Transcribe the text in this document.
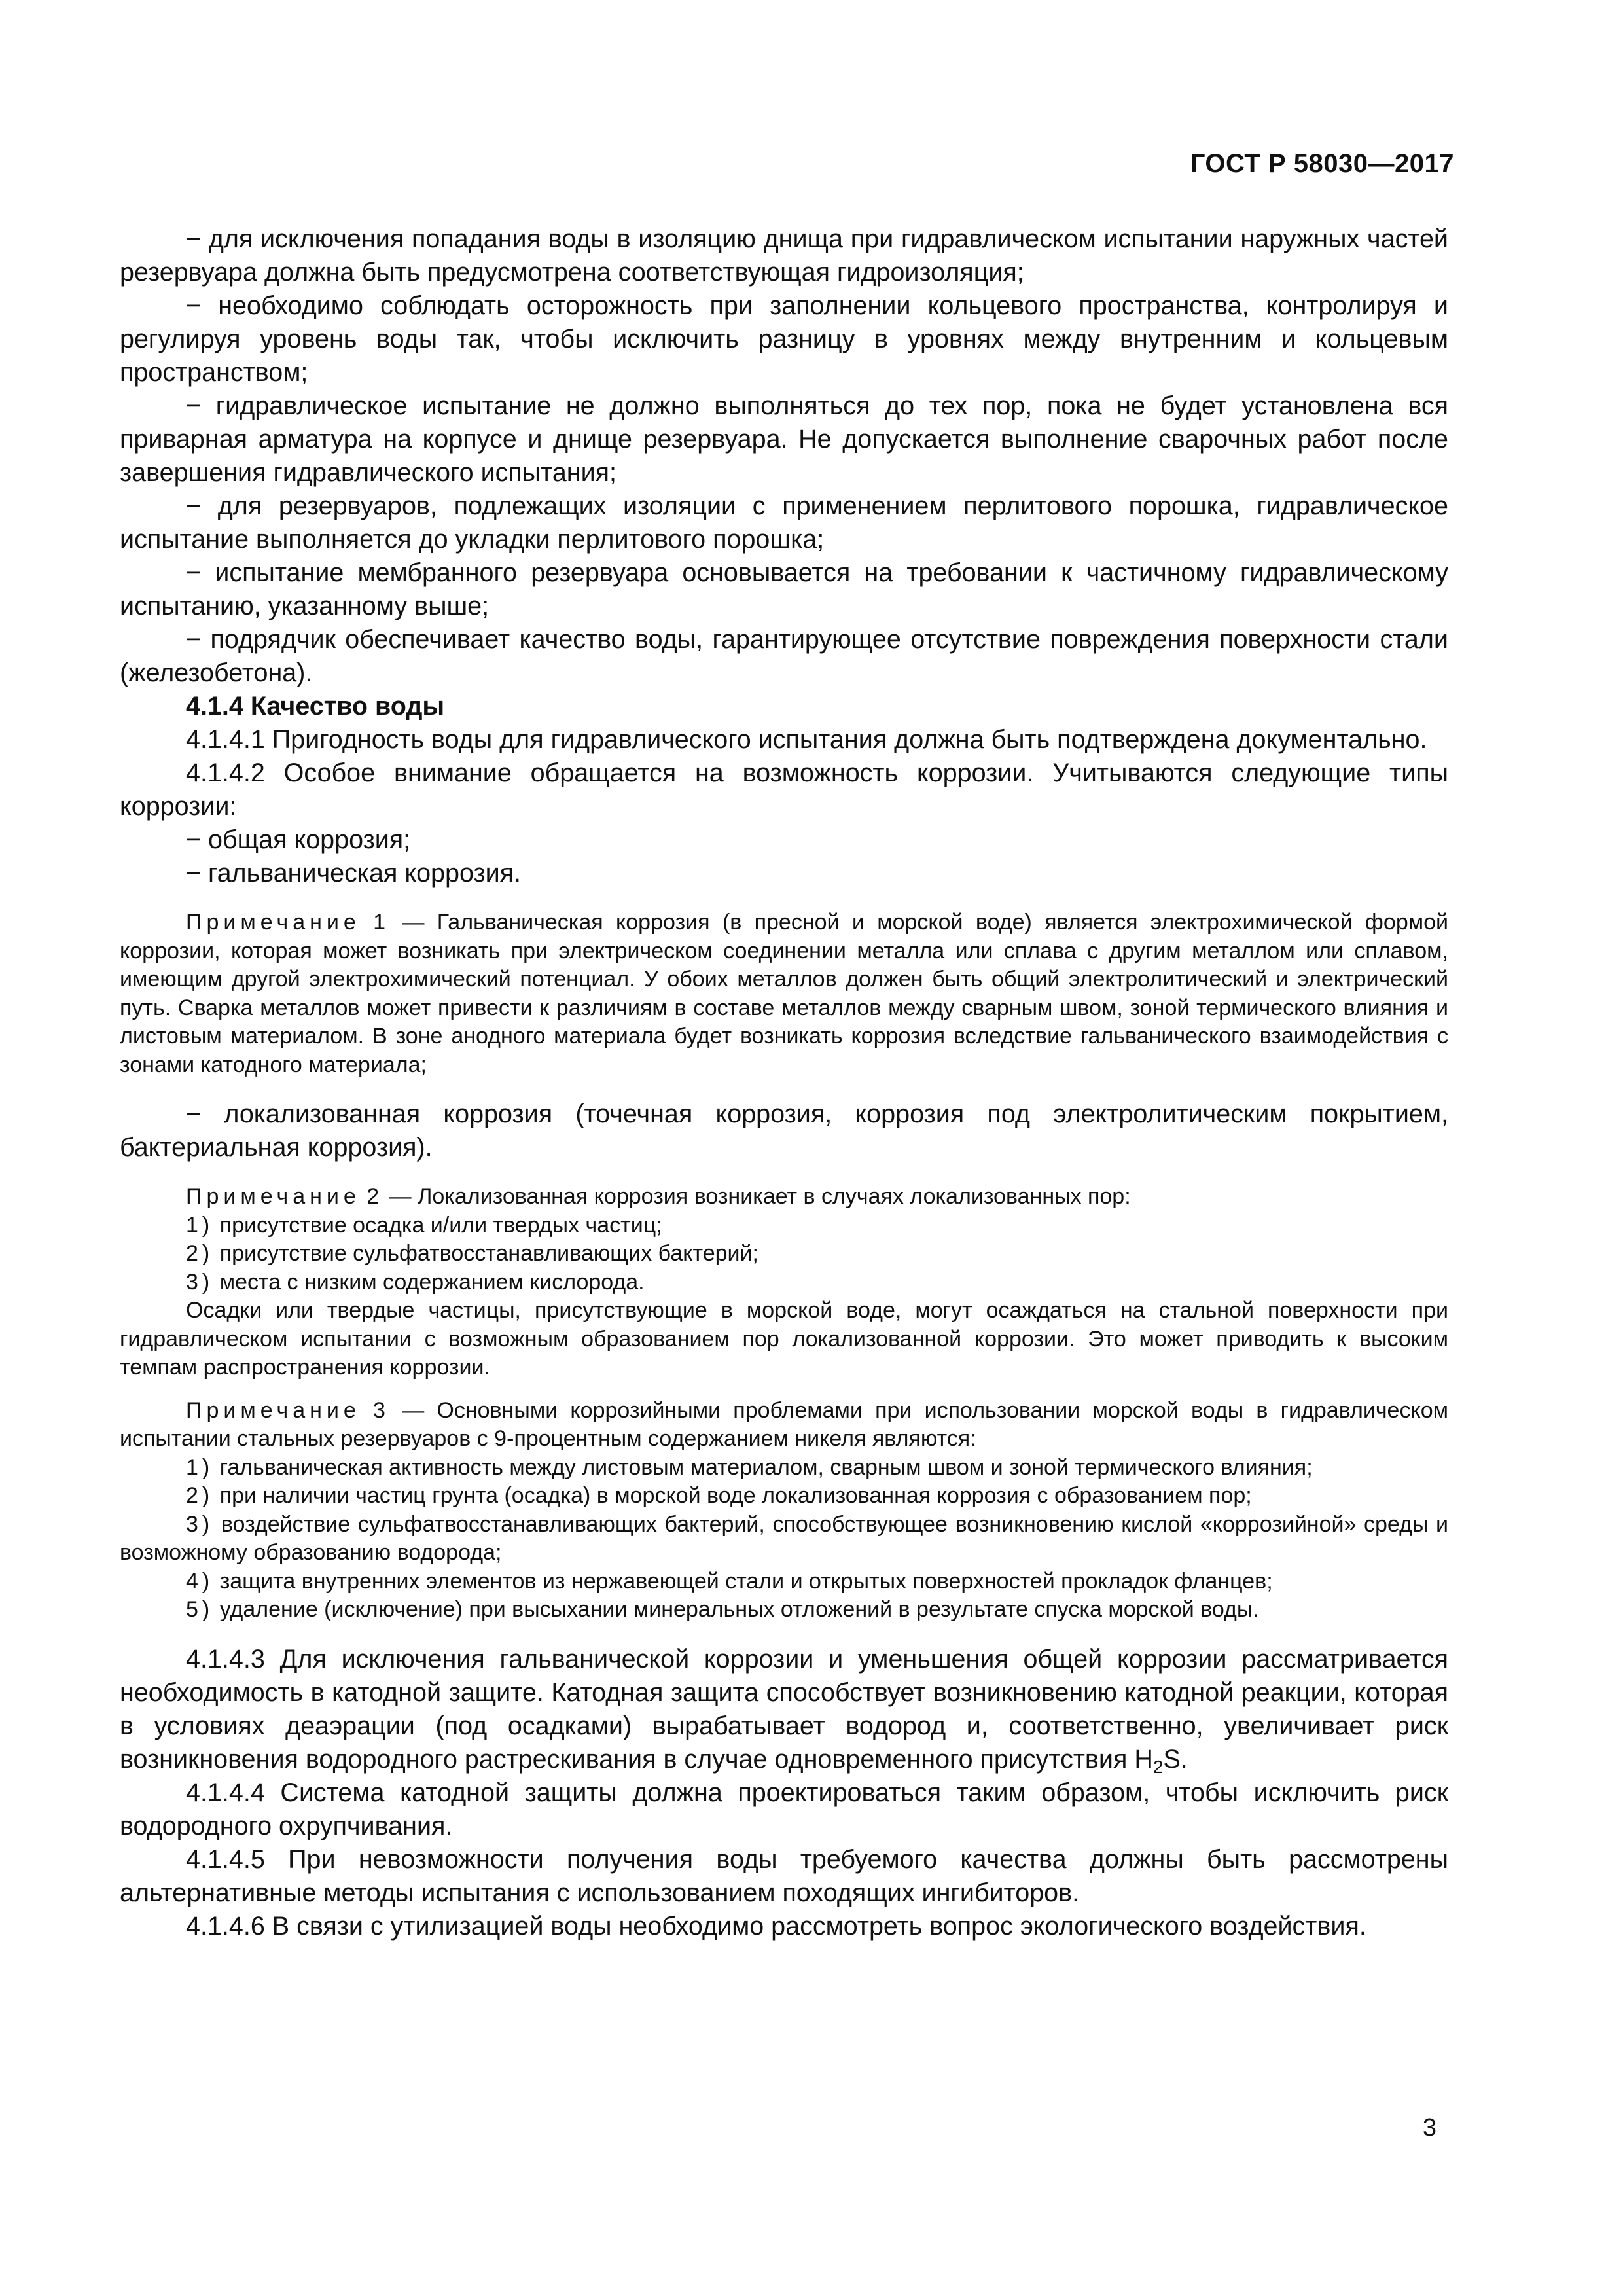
ГОСТ Р 58030—2017

− для исключения попадания воды в изоляцию днища при гидравлическом испытании наружных частей резервуара должна быть предусмотрена соответствующая гидроизоляция;

− необходимо соблюдать осторожность при заполнении кольцевого пространства, контролируя и регулируя уровень воды так, чтобы исключить разницу в уровнях между внутренним и кольцевым пространством;

− гидравлическое испытание не должно выполняться до тех пор, пока не будет установлена вся приварная арматура на корпусе и днище резервуара. Не допускается выполнение сварочных работ после завершения гидравлического испытания;

− для резервуаров, подлежащих изоляции с применением перлитового порошка, гидравлическое испытание выполняется до укладки перлитового порошка;

− испытание мембранного резервуара основывается на требовании к частичному гидравлическому испытанию, указанному выше;

− подрядчик обеспечивает качество воды, гарантирующее отсутствие повреждения поверхности стали (железобетона).

4.1.4 Качество воды

4.1.4.1 Пригодность воды для гидравлического испытания должна быть подтверждена документально.

4.1.4.2 Особое внимание обращается на возможность коррозии. Учитываются следующие типы коррозии:

− общая коррозия;

− гальваническая коррозия.

Примечание 1 — Гальваническая коррозия (в пресной и морской воде) является электрохимической формой коррозии, которая может возникать при электрическом соединении металла или сплава с другим металлом или сплавом, имеющим другой электрохимический потенциал. У обоих металлов должен быть общий электролитический и электрический путь. Сварка металлов может привести к различиям в составе металлов между сварным швом, зоной термического влияния и листовым материалом. В зоне анодного материала будет возникать коррозия вследствие гальванического взаимодействия с зонами катодного материала;

− локализованная коррозия (точечная коррозия, коррозия под электролитическим покрытием, бактериальная коррозия).

Примечание 2 — Локализованная коррозия возникает в случаях локализованных пор:

1) присутствие осадка и/или твердых частиц;

2) присутствие сульфатвосстанавливающих бактерий;

3) места с низким содержанием кислорода.

Осадки или твердые частицы, присутствующие в морской воде, могут осаждаться на стальной поверхности при гидравлическом испытании с возможным образованием пор локализованной коррозии. Это может приводить к высоким темпам распространения коррозии.

Примечание 3 — Основными коррозийными проблемами при использовании морской воды в гидравлическом испытании стальных резервуаров с 9-процентным содержанием никеля являются:

1) гальваническая активность между листовым материалом, сварным швом и зоной термического влияния;

2) при наличии частиц грунта (осадка) в морской воде локализованная коррозия с образованием пор;

3) воздействие сульфатвосстанавливающих бактерий, способствующее возникновению кислой «коррозийной» среды и возможному образованию водорода;

4) защита внутренних элементов из нержавеющей стали и открытых поверхностей прокладок фланцев;

5) удаление (исключение) при высыхании минеральных отложений в результате спуска морской воды.

4.1.4.3 Для исключения гальванической коррозии и уменьшения общей коррозии рассматривается необходимость в катодной защите. Катодная защита способствует возникновению катодной реакции, которая в условиях деаэрации (под осадками) вырабатывает водород и, соответственно, увеличивает риск возникновения водородного растрескивания в случае одновременного присутствия $H_2S$.

4.1.4.4 Система катодной защиты должна проектироваться таким образом, чтобы исключить риск водородного охрупчивания.

4.1.4.5 При невозможности получения воды требуемого качества должны быть рассмотрены альтернативные методы испытания с использованием походящих ингибиторов.

4.1.4.6 В связи с утилизацией воды необходимо рассмотреть вопрос экологического воздействия.

3
